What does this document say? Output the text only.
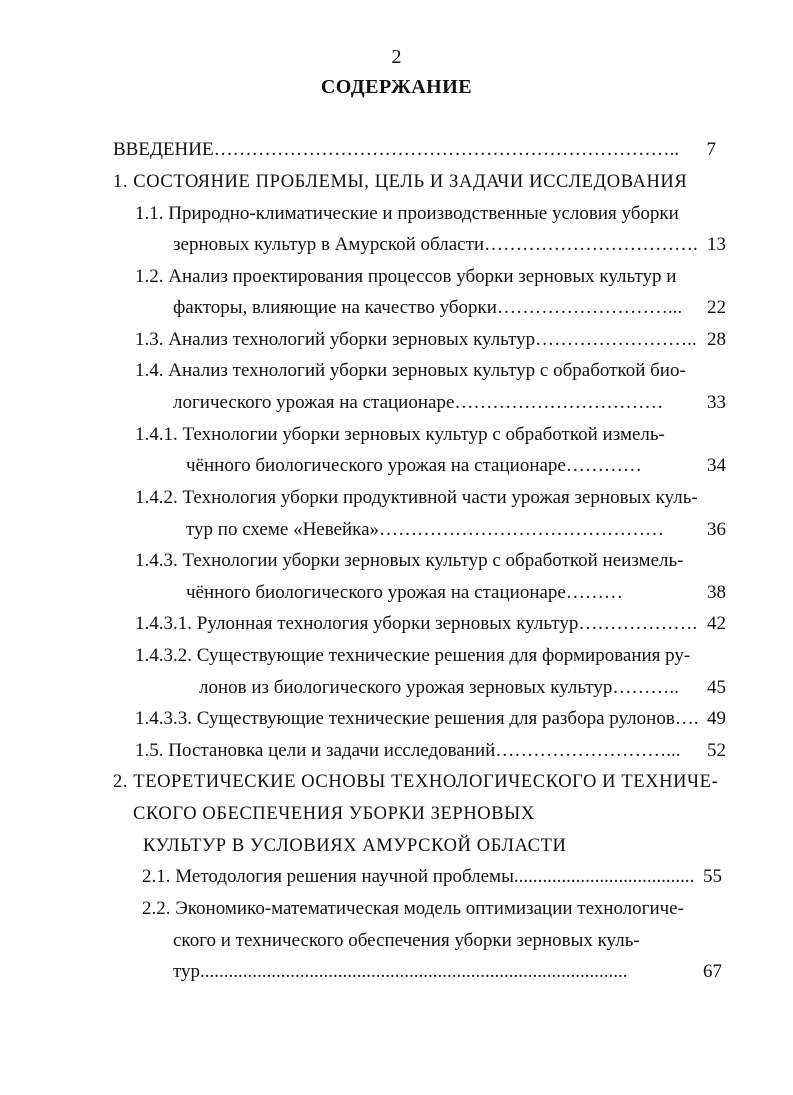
2
СОДЕРЖАНИЕ
ВВЕДЕНИЕ………………………………………………………………..	7
1. СОСТОЯНИЕ ПРОБЛЕМЫ, ЦЕЛЬ И ЗАДАЧИ ИССЛЕДОВАНИЯ
1.1. Природно-климатические и производственные условия уборки
зерновых культур в Амурской области……………………………. 13
1.2. Анализ проектирования процессов уборки зерновых культур и
факторы, влияющие на качество уборки………………………...	22
1.3. Анализ технологий уборки зерновых культур…………………….. 28
1.4. Анализ технологий уборки зерновых культур с обработкой био-
логического урожая на стационаре……………………………	33
1.4.1. Технологии уборки зерновых культур с обработкой измель-
чённого биологического урожая на стационаре…………	34
1.4.2. Технология уборки продуктивной части урожая зерновых куль-
тур по схеме «Невейка»………………………………………	36
1.4.3. Технологии уборки зерновых культур с обработкой неизмель-
чённого биологического урожая на стационаре………	38
1.4.3.1. Рулонная технология уборки зерновых культур………………. 42
1.4.3.2. Существующие технические решения для формирования ру-
лонов из биологического урожая зерновых культур………..	45
1.4.3.3. Существующие технические решения для разбора рулонов…. 49
1.5. Постановка цели и задачи исследований………………………...	52
2. ТЕОРЕТИЧЕСКИЕ ОСНОВЫ ТЕХНОЛОГИЧЕСКОГО И ТЕХНИЧЕ-
СКОГО ОБЕСПЕЧЕНИЯ УБОРКИ ЗЕРНОВЫХ
КУЛЬТУР В УСЛОВИЯХ АМУРСКОЙ ОБЛАСТИ
2.1. Методология решения научной проблемы...................................... 55
2.2. Экономико-математическая модель оптимизации технологиче-
ского и технического обеспечения уборки зерновых куль-
тур..........................................................................................	67
